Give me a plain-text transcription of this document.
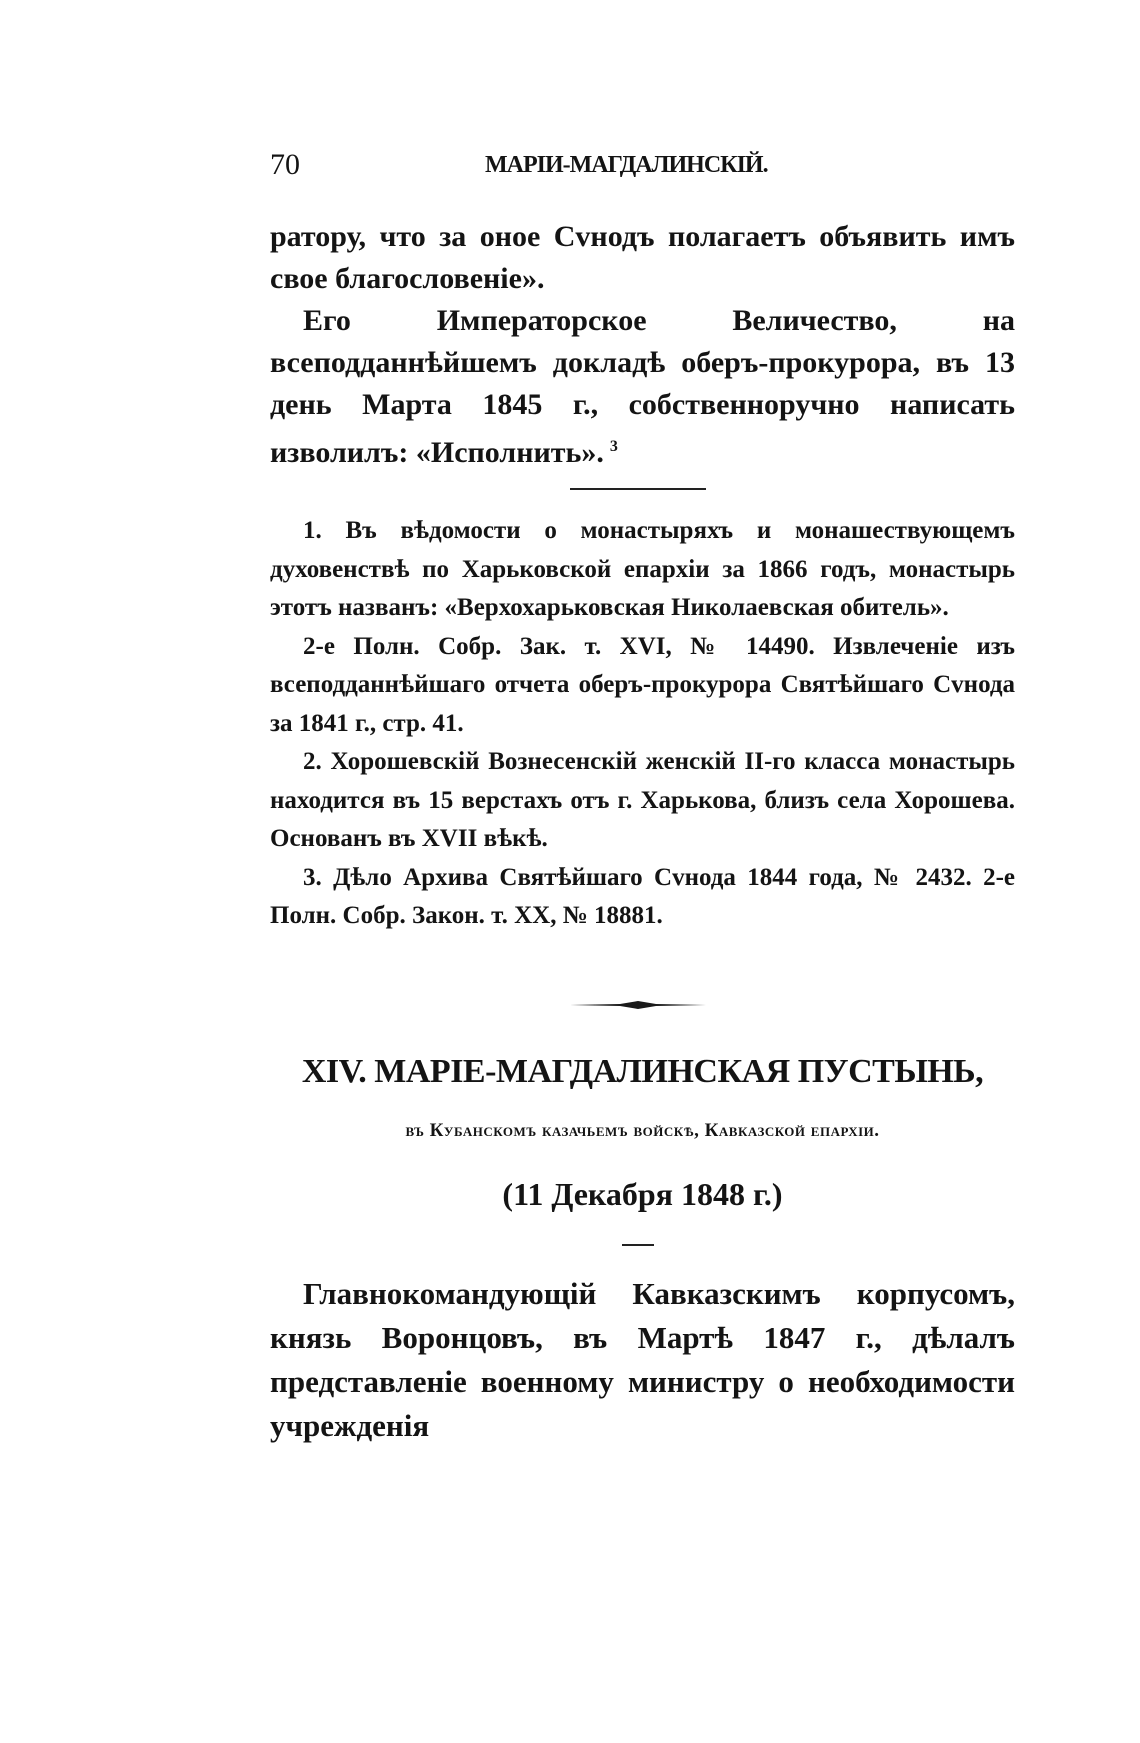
70	МАРІИ-МАГДАЛИНСКІЙ.

ратору, что за оное Сvнодъ полагаетъ объявить имъ свое благословеніе».

Его Императорское Величество, на всеподданнѣйшемъ докладѣ оберъ-прокурора, въ 13 день Марта 1845 г., собственноручно написать изволилъ: «Исполнить». $^3$

1. Въ вѣдомости о монастыряхъ и монашествующемъ духовенствѣ по Харьковской епархіи за 1866 годъ, монастырь этотъ названъ: «Верхохарьковская Николаевская обитель».

2-е Полн. Собр. Зак. т. XVI, № 14490. Извлеченіе изъ всеподданнѣйшаго отчета оберъ-прокурора Святѣйшаго Сvнода за 1841 г., стр. 41.

2. Хорошевскій Вознесенскій женскій II-го класса монастырь находится въ 15 верстахъ отъ г. Харькова, близъ села Хорошева. Основанъ въ XVII вѣкѣ.

3. Дѣло Архива Святѣйшаго Сvнода 1844 года, № 2432. 2-е Полн. Собр. Закон. т. XX, № 18881.

XIV. МАРІЕ-МАГДАЛИНСКАЯ ПУСТЫНЬ,
въ Кубанскомъ казачьемъ войскѣ, Кавказской епархіи.
(11 Декабря 1848 г.)

Главнокомандующій Кавказскимъ корпусомъ, князь Воронцовъ, въ Мартѣ 1847 г., дѣлалъ представленіе военному министру о необходимости учрежденія
